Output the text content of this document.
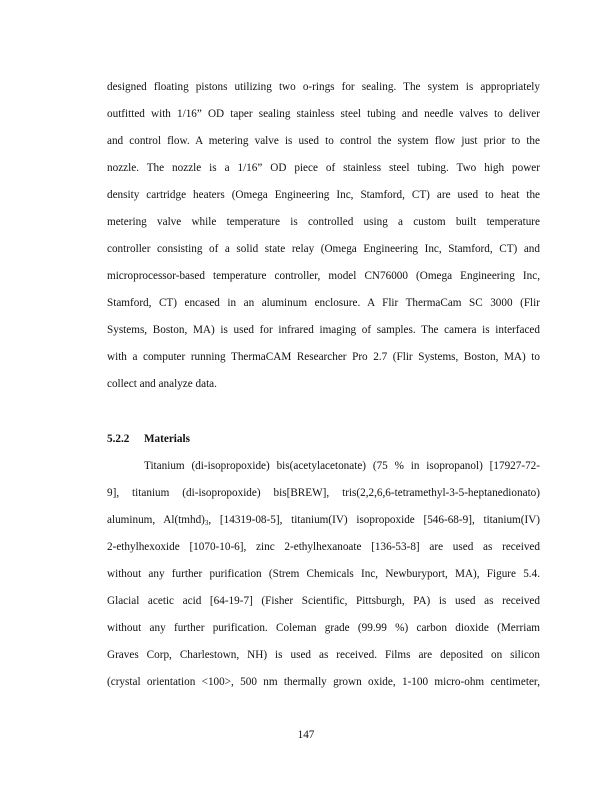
designed floating pistons utilizing two o-rings for sealing. The system is appropriately
outfitted with 1/16” OD taper sealing stainless steel tubing and needle valves to deliver
and control flow. A metering valve is used to control the system flow just prior to the
nozzle. The nozzle is a 1/16” OD piece of stainless steel tubing. Two high power
density cartridge heaters (Omega Engineering Inc, Stamford, CT) are used to heat the
metering valve while temperature is controlled using a custom built temperature
controller consisting of a solid state relay (Omega Engineering Inc, Stamford, CT) and
microprocessor-based temperature controller, model CN76000 (Omega Engineering Inc,
Stamford, CT) encased in an aluminum enclosure. A Flir ThermaCam SC 3000 (Flir
Systems, Boston, MA) is used for infrared imaging of samples. The camera is interfaced
with a computer running ThermaCAM Researcher Pro 2.7 (Flir Systems, Boston, MA) to
collect and analyze data.
5.2.2 Materials
Titanium (di-isopropoxide) bis(acetylacetonate) (75 % in isopropanol) [17927-72-
9], titanium (di-isopropoxide) bis[BREW], tris(2,2,6,6-tetramethyl-3-5-heptanedionato)
aluminum, $Al(tmhd)_3$, [14319-08-5], titanium(IV) isopropoxide [546-68-9], titanium(IV)
2-ethylhexoxide [1070-10-6], zinc 2-ethylhexanoate [136-53-8] are used as received
without any further purification (Strem Chemicals Inc, Newburyport, MA), Figure 5.4.
Glacial acetic acid [64-19-7] (Fisher Scientific, Pittsburgh, PA) is used as received
without any further purification. Coleman grade (99.99 %) carbon dioxide (Merriam
Graves Corp, Charlestown, NH) is used as received. Films are deposited on silicon
(crystal orientation <100>, 500 nm thermally grown oxide, 1-100 micro-ohm centimeter,
147
